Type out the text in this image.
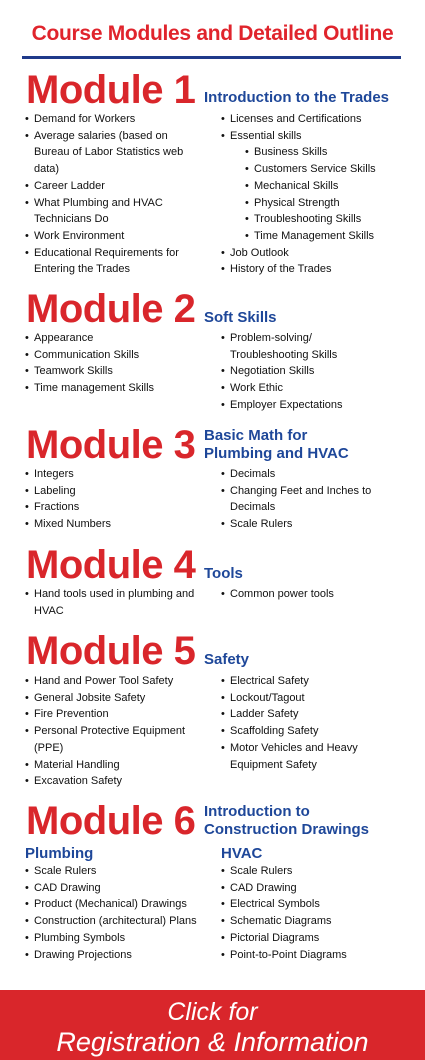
Course Modules and Detailed Outline
Module 1 Introduction to the Trades
• Demand for Workers
• Average salaries (based on Bureau of Labor Statistics web data)
• Career Ladder
• What Plumbing and HVAC Technicians Do
• Work Environment
• Educational Requirements for Entering the Trades
• Licenses and Certifications
• Essential skills
• Business Skills
• Customers Service Skills
• Mechanical Skills
• Physical Strength
• Troubleshooting Skills
• Time Management Skills
• Job Outlook
• History of the Trades
Module 2 Soft Skills
• Appearance
• Communication Skills
• Teamwork Skills
• Time management Skills
• Problem-solving/ Troubleshooting Skills
• Negotiation Skills
• Work Ethic
• Employer Expectations
Module 3 Basic Math for Plumbing and HVAC
• Integers
• Labeling
• Fractions
• Mixed Numbers
• Decimals
• Changing Feet and Inches to Decimals
• Scale Rulers
Module 4 Tools
• Hand tools used in plumbing and HVAC
• Common power tools
Module 5 Safety
• Hand and Power Tool Safety
• General Jobsite Safety
• Fire Prevention
• Personal Protective Equipment (PPE)
• Material Handling
• Excavation Safety
• Electrical Safety
• Lockout/Tagout
• Ladder Safety
• Scaffolding Safety
• Motor Vehicles and Heavy Equipment Safety
Module 6 Introduction to Construction Drawings
Plumbing	HVAC
• Scale Rulers
• CAD Drawing
• Product (Mechanical) Drawings
• Construction (architectural) Plans
• Plumbing Symbols
• Drawing Projections
• Scale Rulers
• CAD Drawing
• Electrical Symbols
• Schematic Diagrams
• Pictorial Diagrams
• Point-to-Point Diagrams
Click for
Registration & Information
